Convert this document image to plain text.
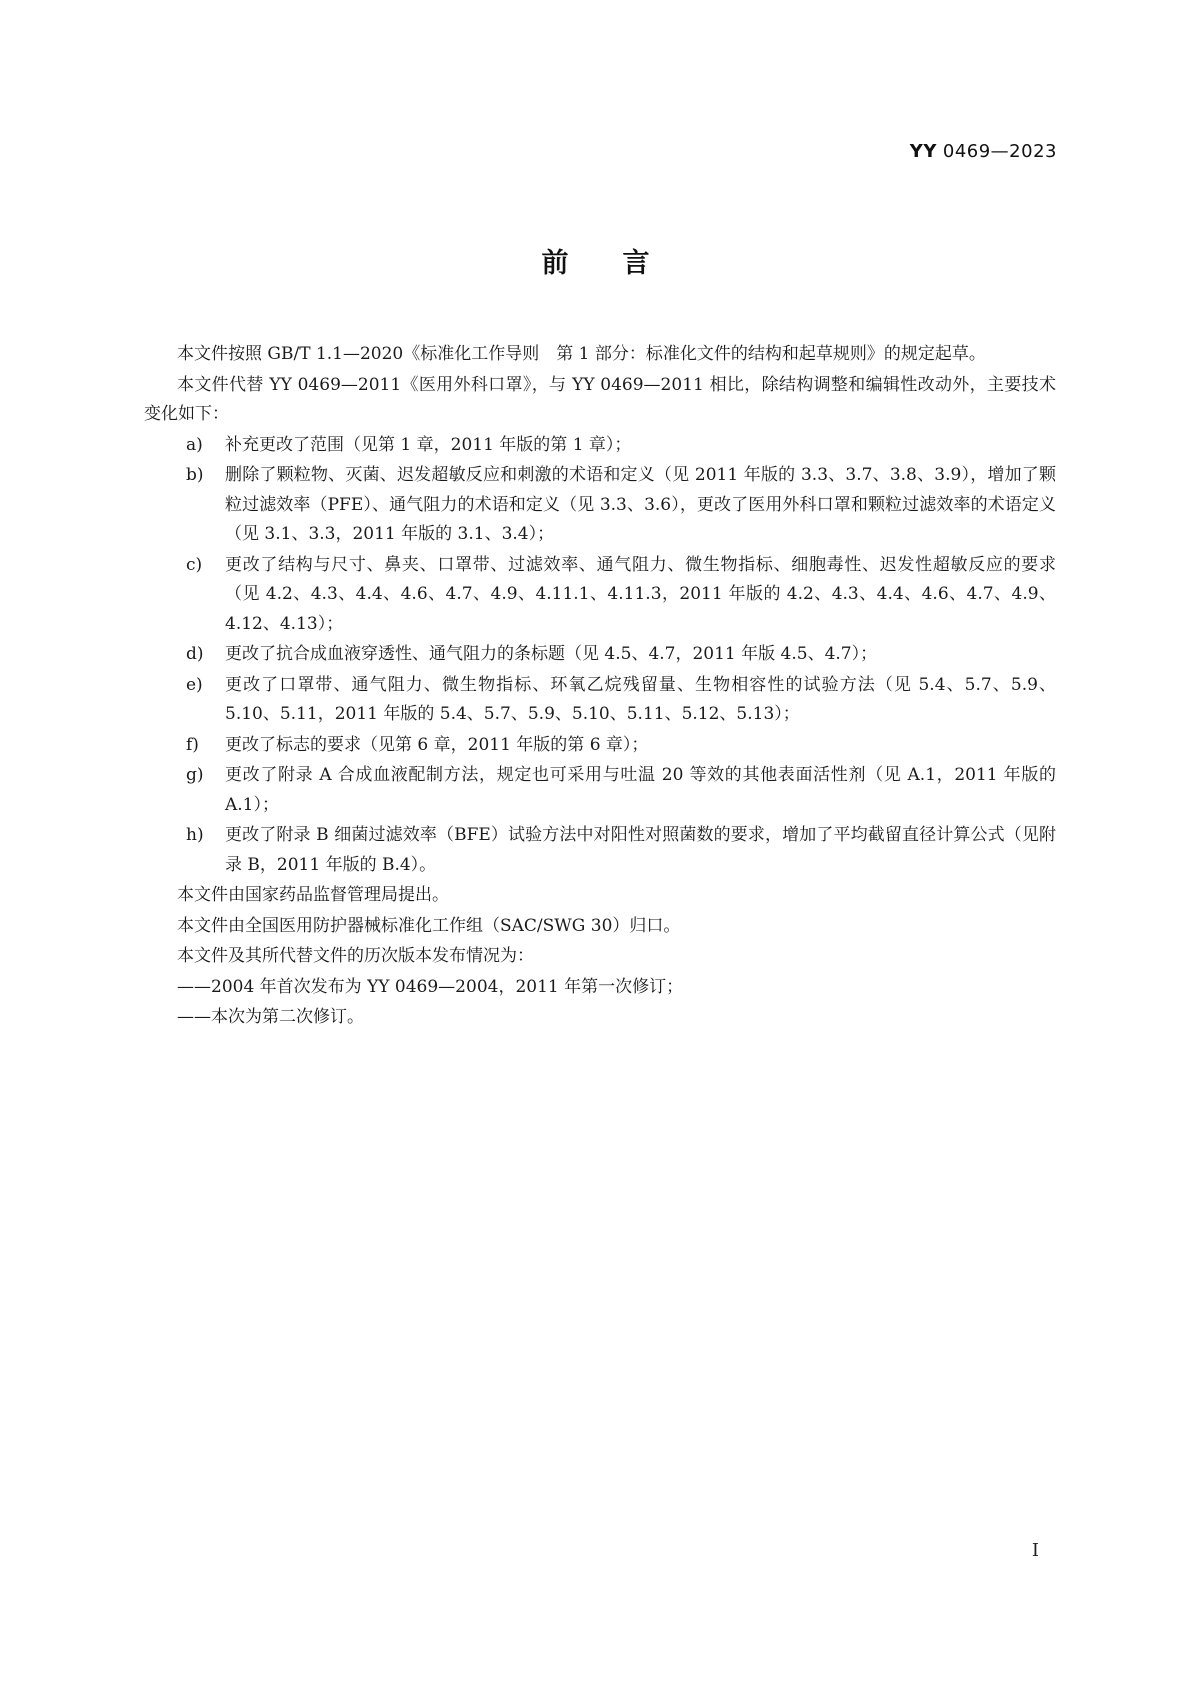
YY 0469—2023
前言

本文件按照 GB/T 1.1—2020《标准化工作导则　第 1 部分：标准化文件的结构和起草规则》的规定起草。

本文件代替 YY 0469—2011《医用外科口罩》，与 YY 0469—2011 相比，除结构调整和编辑性改动外，主要技术变化如下：

a) 补充更改了范围（见第 1 章，2011 年版的第 1 章）；

b) 删除了颗粒物、灭菌、迟发超敏反应和刺激的术语和定义（见 2011 年版的 3.3、3.7、3.8、3.9），增加了颗粒过滤效率（PFE）、通气阻力的术语和定义（见 3.3、3.6），更改了医用外科口罩和颗粒过滤效率的术语定义（见 3.1、3.3，2011 年版的 3.1、3.4）；

c) 更改了结构与尺寸、鼻夹、口罩带、过滤效率、通气阻力、微生物指标、细胞毒性、迟发性超敏反应的要求（见 4.2、4.3、4.4、4.6、4.7、4.9、4.11.1、4.11.3，2011 年版的 4.2、4.3、4.4、4.6、4.7、4.9、4.12、4.13）；

d) 更改了抗合成血液穿透性、通气阻力的条标题（见 4.5、4.7，2011 年版 4.5、4.7）；

e) 更改了口罩带、通气阻力、微生物指标、环氧乙烷残留量、生物相容性的试验方法（见 5.4、5.7、5.9、5.10、5.11，2011 年版的 5.4、5.7、5.9、5.10、5.11、5.12、5.13）；

f) 更改了标志的要求（见第 6 章，2011 年版的第 6 章）；

g) 更改了附录 A 合成血液配制方法，规定也可采用与吐温 20 等效的其他表面活性剂（见 A.1，2011 年版的 A.1）；

h) 更改了附录 B 细菌过滤效率（BFE）试验方法中对阳性对照菌数的要求，增加了平均截留直径计算公式（见附录 B，2011 年版的 B.4）。

本文件由国家药品监督管理局提出。

本文件由全国医用防护器械标准化工作组（SAC/SWG 30）归口。

本文件及其所代替文件的历次版本发布情况为：

——2004 年首次发布为 YY 0469—2004，2011 年第一次修订；

——本次为第二次修订。

I
